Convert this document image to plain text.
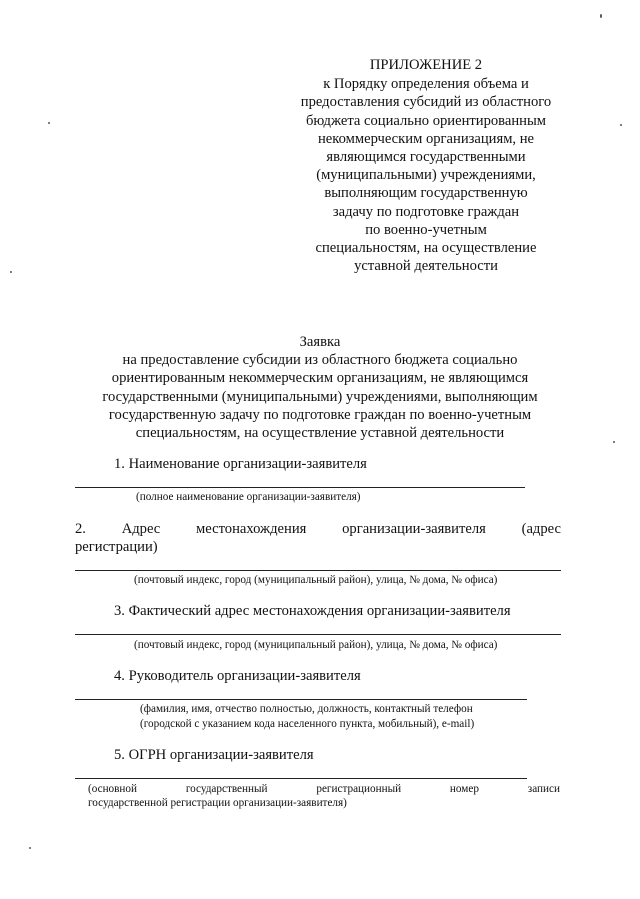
ПРИЛОЖЕНИЕ 2
к Порядку определения объема и
предоставления субсидий из областного
бюджета социально ориентированным
некоммерческим организациям, не
являющимся государственными
(муниципальными) учреждениями,
выполняющим государственную
задачу по подготовке граждан
по военно-учетным
специальностям, на осуществление
уставной деятельности
Заявка
на предоставление субсидии из областного бюджета социально
ориентированным некоммерческим организациям, не являющимся
государственными (муниципальными) учреждениями, выполняющим
государственную задачу по подготовке граждан по военно-учетным
специальностям, на осуществление уставной деятельности
1. Наименование организации-заявителя
(полное наименование организации-заявителя)
2. Адрес местонахождения организации-заявителя (адрес
регистрации)
(почтовый индекс, город (муниципальный район), улица, № дома, № офиса)
3. Фактический адрес местонахождения организации-заявителя
(почтовый индекс, город (муниципальный район), улица, № дома, № офиса)
4. Руководитель организации-заявителя
(фамилия, имя, отчество полностью, должность, контактный телефон
(городской с указанием кода населенного пункта, мобильный), e-mail)
5. ОГРН организации-заявителя
(основной	государственный	регистрационный	номер	записи
государственной регистрации организации-заявителя)
